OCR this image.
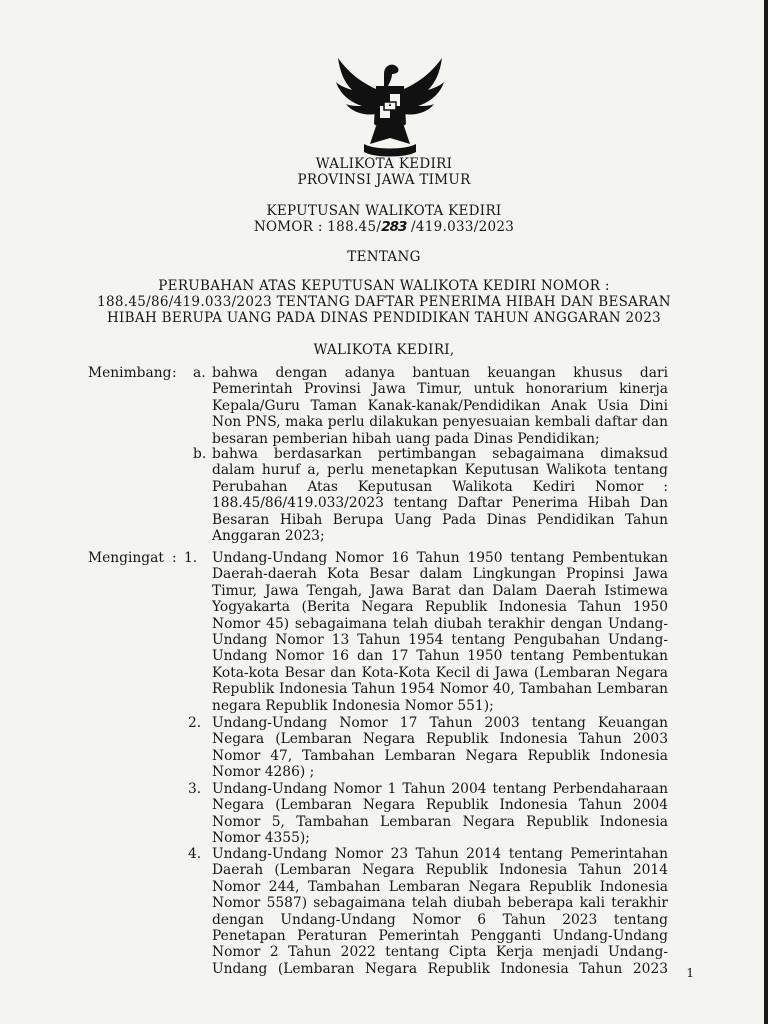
WALIKOTA KEDIRI
PROVINSI JAWA TIMUR
KEPUTUSAN WALIKOTA KEDIRI
NOMOR : 188.45/283 /419.033/2023
TENTANG
PERUBAHAN ATAS KEPUTUSAN WALIKOTA KEDIRI NOMOR :
188.45/86/419.033/2023 TENTANG DAFTAR PENERIMA HIBAH DAN BESARAN
HIBAH BERUPA UANG PADA DINAS PENDIDIKAN TAHUN ANGGARAN 2023
WALIKOTA KEDIRI,
Menimbang : a. bahwa dengan adanya bantuan keuangan khusus dari
Pemerintah Provinsi Jawa Timur, untuk honorarium kinerja
Kepala/Guru Taman Kanak-kanak/Pendidikan Anak Usia Dini
Non PNS, maka perlu dilakukan penyesuaian kembali daftar dan
besaran pemberian hibah uang pada Dinas Pendidikan;
b. bahwa berdasarkan pertimbangan sebagaimana dimaksud
dalam huruf a, perlu menetapkan Keputusan Walikota tentang
Perubahan Atas Keputusan Walikota Kediri Nomor :
188.45/86/419.033/2023 tentang Daftar Penerima Hibah Dan
Besaran Hibah Berupa Uang Pada Dinas Pendidikan Tahun
Anggaran 2023;
Mengingat : 1. Undang-Undang Nomor 16 Tahun 1950 tentang Pembentukan
Daerah-daerah Kota Besar dalam Lingkungan Propinsi Jawa
Timur, Jawa Tengah, Jawa Barat dan Dalam Daerah Istimewa
Yogyakarta (Berita Negara Republik Indonesia Tahun 1950
Nomor 45) sebagaimana telah diubah terakhir dengan Undang-
Undang Nomor 13 Tahun 1954 tentang Pengubahan Undang-
Undang Nomor 16 dan 17 Tahun 1950 tentang Pembentukan
Kota-kota Besar dan Kota-Kota Kecil di Jawa (Lembaran Negara
Republik Indonesia Tahun 1954 Nomor 40, Tambahan Lembaran
negara Republik Indonesia Nomor 551);
2. Undang-Undang Nomor 17 Tahun 2003 tentang Keuangan
Negara (Lembaran Negara Republik Indonesia Tahun 2003
Nomor 47, Tambahan Lembaran Negara Republik Indonesia
Nomor 4286) ;
3. Undang-Undang Nomor 1 Tahun 2004 tentang Perbendaharaan
Negara (Lembaran Negara Republik Indonesia Tahun 2004
Nomor 5, Tambahan Lembaran Negara Republik Indonesia
Nomor 4355);
4. Undang-Undang Nomor 23 Tahun 2014 tentang Pemerintahan
Daerah (Lembaran Negara Republik Indonesia Tahun 2014
Nomor 244, Tambahan Lembaran Negara Republik Indonesia
Nomor 5587) sebagaimana telah diubah beberapa kali terakhir
dengan Undang-Undang Nomor 6 Tahun 2023 tentang
Penetapan Peraturan Pemerintah Pengganti Undang-Undang
Nomor 2 Tahun 2022 tentang Cipta Kerja menjadi Undang-
Undang (Lembaran Negara Republik Indonesia Tahun 2023 1
